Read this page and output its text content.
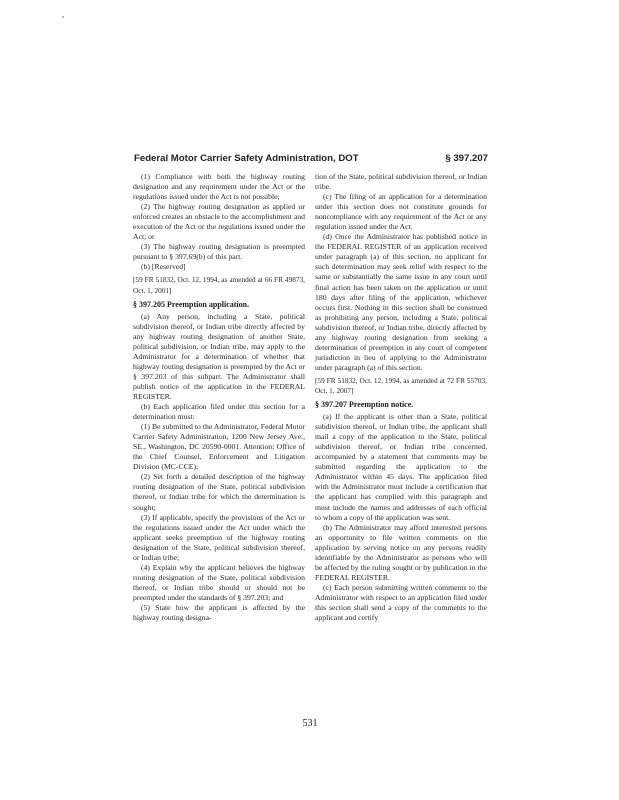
Federal Motor Carrier Safety Administration, DOT	§ 397.207

(1) Compliance with both the highway routing designation and any requirement under the Act or the regulations issued under the Act is not possible;

(2) The highway routing designation as applied or enforced creates an obstacle to the accomplishment and execution of the Act or the regulations issued under the Act; or

(3) The highway routing designation is preempted pursuant to § 397.69(b) of this part.

(b) [Reserved]

[59 FR 51832, Oct. 12, 1994, as amended at 66 FR 49873, Oct. 1, 2001]

§ 397.205 Preemption application.

(a) Any person, including a State, political subdivision thereof, or Indian tribe directly affected by any highway routing designation of another State, political subdivision, or Indian tribe, may apply to the Administrator for a determination of whether that highway routing designation is preempted by the Act or § 397.203 of this subpart. The Administrator shall publish notice of the application in the FEDERAL REGISTER.

(b) Each application filed under this section for a determination must:

(1) Be submitted to the Administrator, Federal Motor Carrier Safety Administration, 1200 New Jersey Ave., SE., Washington, DC 20590-0001. Attention: Office of the Chief Counsel, Enforcement and Litigation Division (MC-CCE);

(2) Set forth a detailed description of the highway routing designation of the State, political subdivision thereof, or Indian tribe for which the determination is sought;

(3) If applicable, specify the provisions of the Act or the regulations issued under the Act under which the applicant seeks preemption of the highway routing designation of the State, political subdivision thereof, or Indian tribe;

(4) Explain why the applicant believes the highway routing designation of the State, political subdivision thereof, or Indian tribe should or should not be preempted under the standards of § 397.203; and

(5) State how the applicant is affected by the highway routing designa-

tion of the State, political subdivision thereof, or Indian tribe.

(c) The filing of an application for a determination under this section does not constitute grounds for noncompliance with any requirement of the Act or any regulation issued under the Act.

(d) Once the Administrator has published notice in the FEDERAL REGISTER of an application received under paragraph (a) of this section, no applicant for such determination may seek relief with respect to the same or substantially the same issue in any court until final action has been taken on the application or until 180 days after filing of the application, whichever occurs first. Nothing in this section shall be construed as prohibiting any person, including a State, political subdivision thereof, or Indian tribe, directly affected by any highway routing designation from seeking a determination of preemption in any court of competent jurisdiction in lieu of applying to the Administrator under paragraph (a) of this section.

[59 FR 51832, Oct. 12, 1994, as amended at 72 FR 55703, Oct. 1, 2007]

§ 397.207 Preemption notice.

(a) If the applicant is other than a State, political subdivision thereof, or Indian tribe, the applicant shall mail a copy of the application to the State, political subdivision thereof, or Indian tribe concerned, accompanied by a statement that comments may be submitted regarding the application to the Administrator within 45 days. The application filed with the Administrator must include a certification that the applicant has complied with this paragraph and must include the names and addresses of each official to whom a copy of the application was sent.

(b) The Administrator may afford interested persons an opportunity to file written comments on the application by serving notice on any persons readily identifiable by the Administrator as persons who will be affected by the ruling sought or by publication in the FEDERAL REGISTER.

(c) Each person submitting written comments to the Administrator with respect to an application filed under this section shall send a copy of the comments to the applicant and certify

531
